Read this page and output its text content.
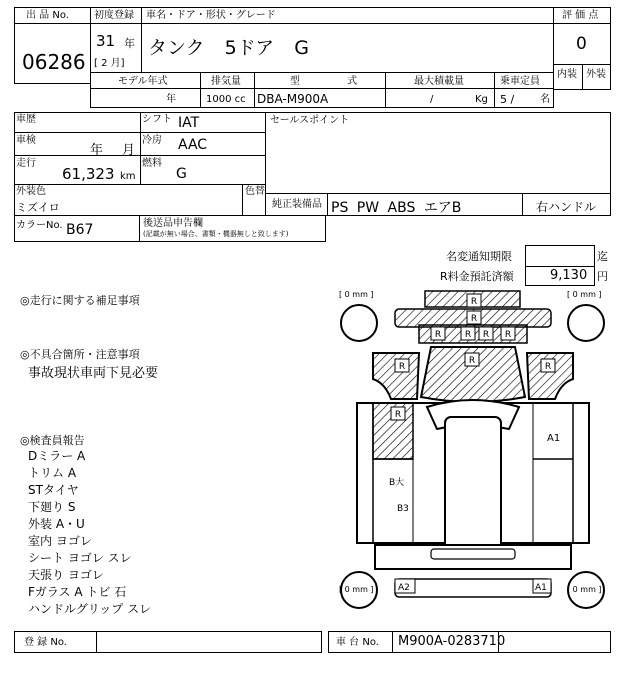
出 品 No.
06286
初度登録
31 年
[ 2 月]
車名・ドア・形状・グレード
タンク 5ドア G
評 価 点
0
内装 外装
モデル年式
年
排気量
1000 cc
型 式
DBA-M900A
最大積載量
/	Kg
乗車定員
5 /	名
車歴	シフト IAT
車検
年 月
冷房 AAC
走行
61,323 km
燃料
G
外装色
ミズイロ
色替
カラーNo. B67	後送品申告欄
(記載が無い場合、書類・機器無しと致します)
セールスポイント
純正装備品 PS PW ABS エアB	右ハンドル
名変通知期限	迄
R料金預託済額	9,130 円
◎走行に関する補足事項
◎不具合箇所・注意事項
事故現状車両下見必要
◎検査員報告
Dミラー A
トリム A
STタイヤ
下廻り S
外装 A・U
室内 ヨゴレ
シート ヨゴレ スレ
天張り ヨゴレ
Fガラス A トビ 石
ハンドルグリップ スレ
[ 0 mm ]	[ 0 mm ]
[ 0 mm ]	[ 0 mm ]
R
R
R	R R R
R
R	R
R
A1
B大
B3
A2	A1
登 録 No.	車 台 No. M900A-0283710
